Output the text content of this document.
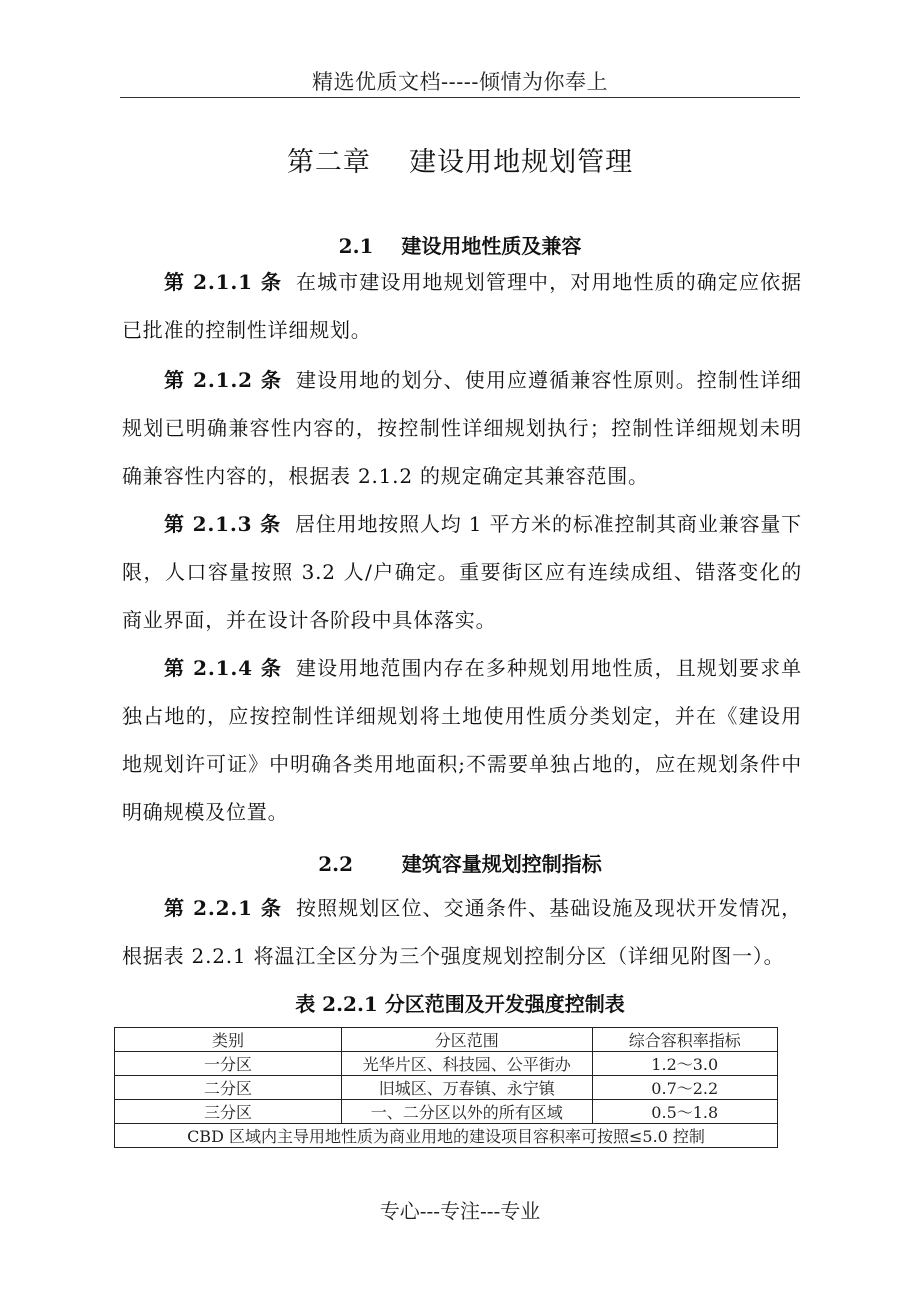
精选优质文档-----倾情为你奉上
第二章    建设用地规划管理
2.1    建设用地性质及兼容
第 2.1.1 条 在城市建设用地规划管理中，对用地性质的确定应依据已批准的控制性详细规划。
第 2.1.2 条 建设用地的划分、使用应遵循兼容性原则。控制性详细规划已明确兼容性内容的，按控制性详细规划执行；控制性详细规划未明确兼容性内容的，根据表 2.1.2 的规定确定其兼容范围。
第 2.1.3 条 居住用地按照人均 1 平方米的标准控制其商业兼容量下限，人口容量按照 3.2 人/户确定。重要街区应有连续成组、错落变化的商业界面，并在设计各阶段中具体落实。
第 2.1.4 条 建设用地范围内存在多种规划用地性质，且规划要求单独占地的，应按控制性详细规划将土地使用性质分类划定，并在《建设用地规划许可证》中明确各类用地面积;不需要单独占地的，应在规划条件中明确规模及位置。
2.2       建筑容量规划控制指标
第 2.2.1 条 按照规划区位、交通条件、基础设施及现状开发情况，根据表 2.2.1 将温江全区分为三个强度规划控制分区（详细见附图一）。
表 2.2.1 分区范围及开发强度控制表
类别	分区范围	综合容积率指标
一分区	光华片区、科技园、公平街办	1.2～3.0
二分区	旧城区、万春镇、永宁镇	0.7～2.2
三分区	一、二分区以外的所有区域	0.5～1.8
CBD 区域内主导用地性质为商业用地的建设项目容积率可按照≤5.0 控制		
专心---专注---专业
